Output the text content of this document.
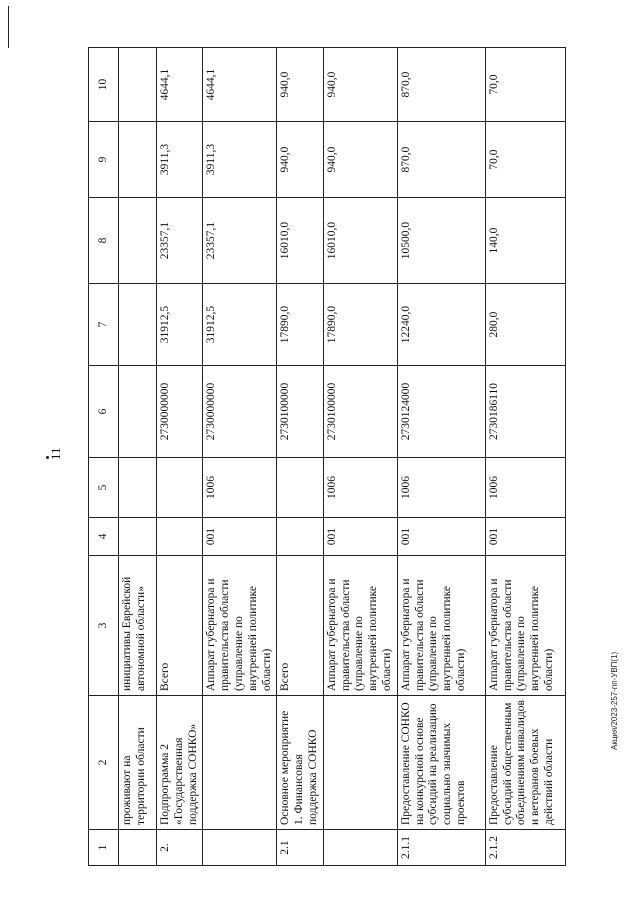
11
Акция/2023-257-пп-УВП(1)
1	2	3	4	5	6	7	8	9	10
	проживают на территории области	инициативы Еврейской автономной области»							
2.	Подпрограмма 2 «Государственная поддержка СОНКО»	Всего			2730000000	31912,5	23357,1	3911,3	4644,1
		Аппарат губернатора и правительства области (управление по внутренней политике области)	001	1006	2730000000	31912,5	23357,1	3911,3	4644,1
2.1	Основное мероприятие 1. Финансовая поддержка СОНКО	Всего			2730100000	17890,0	16010,0	940,0	940,0
		Аппарат губернатора и правительства области (управление по внутренней политике области)	001	1006	2730100000	17890,0	16010,0	940,0	940,0
2.1.1	Предоставление СОНКО на конкурсной основе субсидий на реализацию социально значимых проектов	Аппарат губернатора и правительства области (управление по внутренней политике области)	001	1006	2730124000	12240,0	10500,0	870,0	870,0
2.1.2	Предоставление субсидий общественным объединениям инвалидов и ветеранов боевых действий области	Аппарат губернатора и правительства области (управление по внутренней политике области)	001	1006	2730186110	280,0	140,0	70,0	70,0
